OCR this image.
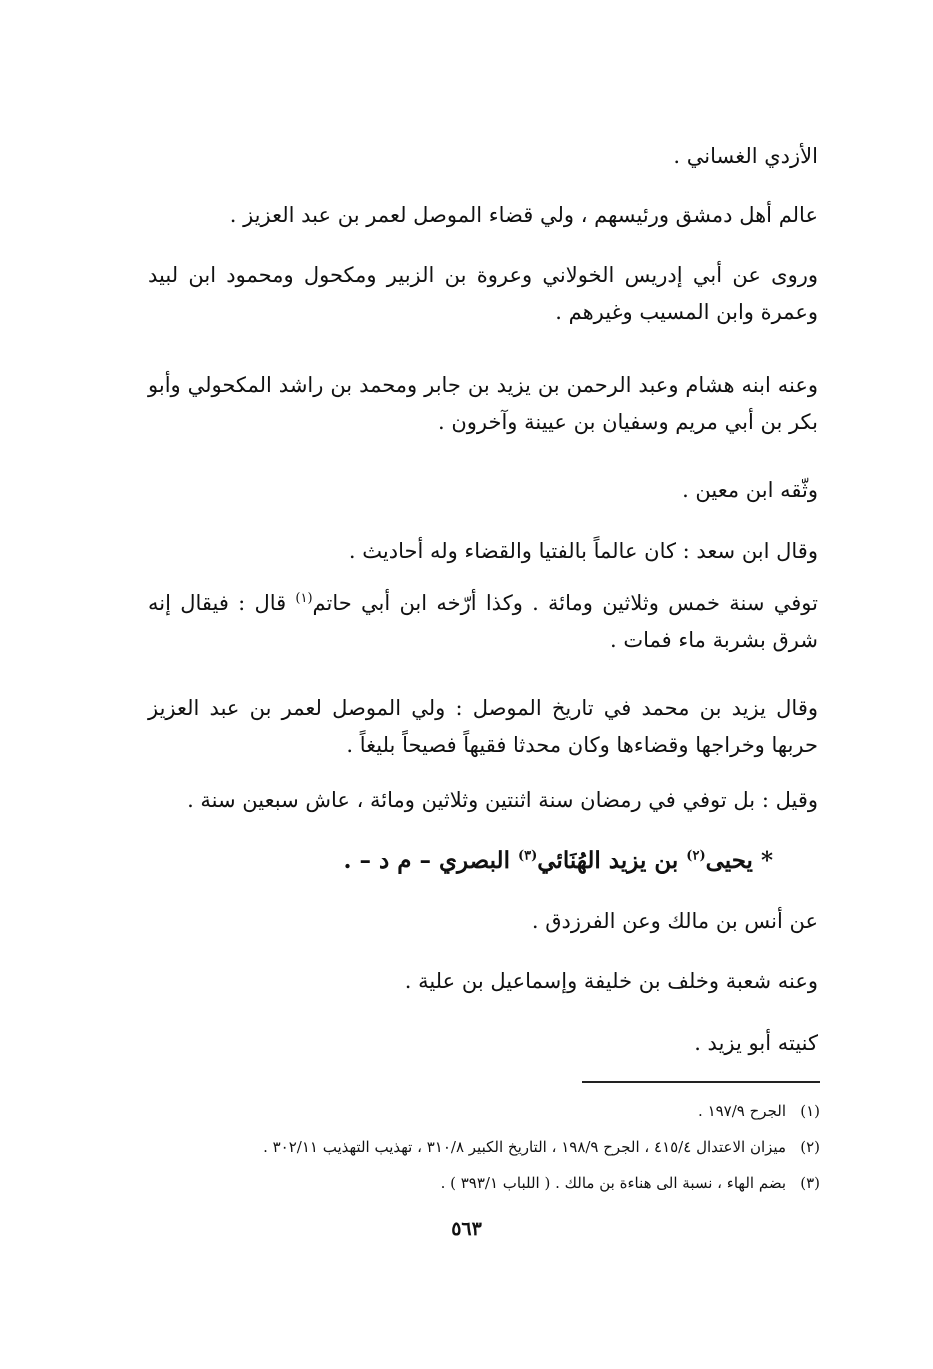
الأزدي الغساني .
عالم أهل دمشق ورئيسهم ، ولي قضاء الموصل لعمر بن عبد العزيز .
وروى عن أبي إدريس الخولاني وعروة بن الزبير ومكحول ومحمود ابن لبيد وعمرة وابن المسيب وغيرهم .
وعنه ابنه هشام وعبد الرحمن بن يزيد بن جابر ومحمد بن راشد المكحولي وأبو بكر بن أبي مريم وسفيان بن عيينة وآخرون .
وثّقه ابن معين .
وقال ابن سعد : كان عالماً بالفتيا والقضاء وله أحاديث .
توفي سنة خمس وثلاثين ومائة . وكذا أرّخه ابن أبي حاتم$^{(١)}$ قال : فيقال إنه شرق بشربة ماء فمات .
وقال يزيد بن محمد في تاريخ الموصل : ولي الموصل لعمر بن عبد العزيز حربها وخراجها وقضاءها وكان محدثا فقيهاً فصيحاً بليغاً .
وقيل : بل توفي في رمضان سنة اثنتين وثلاثين ومائة ، عاش سبعين سنة .
* يحيى$^{(٢)}$ بن يزيد الهُنَائي$^{(٣)}$ البصري – م د – .
عن أنس بن مالك وعن الفرزدق .
وعنه شعبة وخلف بن خليفة وإسماعيل بن علية .
كنيته أبو يزيد .
(١)الجرح ١٩٧/٩ .
(٢)ميزان الاعتدال ٤١٥/٤ ، الجرح ١٩٨/٩ ، التاريخ الكبير ٣١٠/٨ ، تهذيب التهذيب ٣٠٢/١١ .
(٣)بضم الهاء ، نسبة الى هناءة بن مالك . ( اللباب ٣٩٣/١ ) .
٥٦٣
